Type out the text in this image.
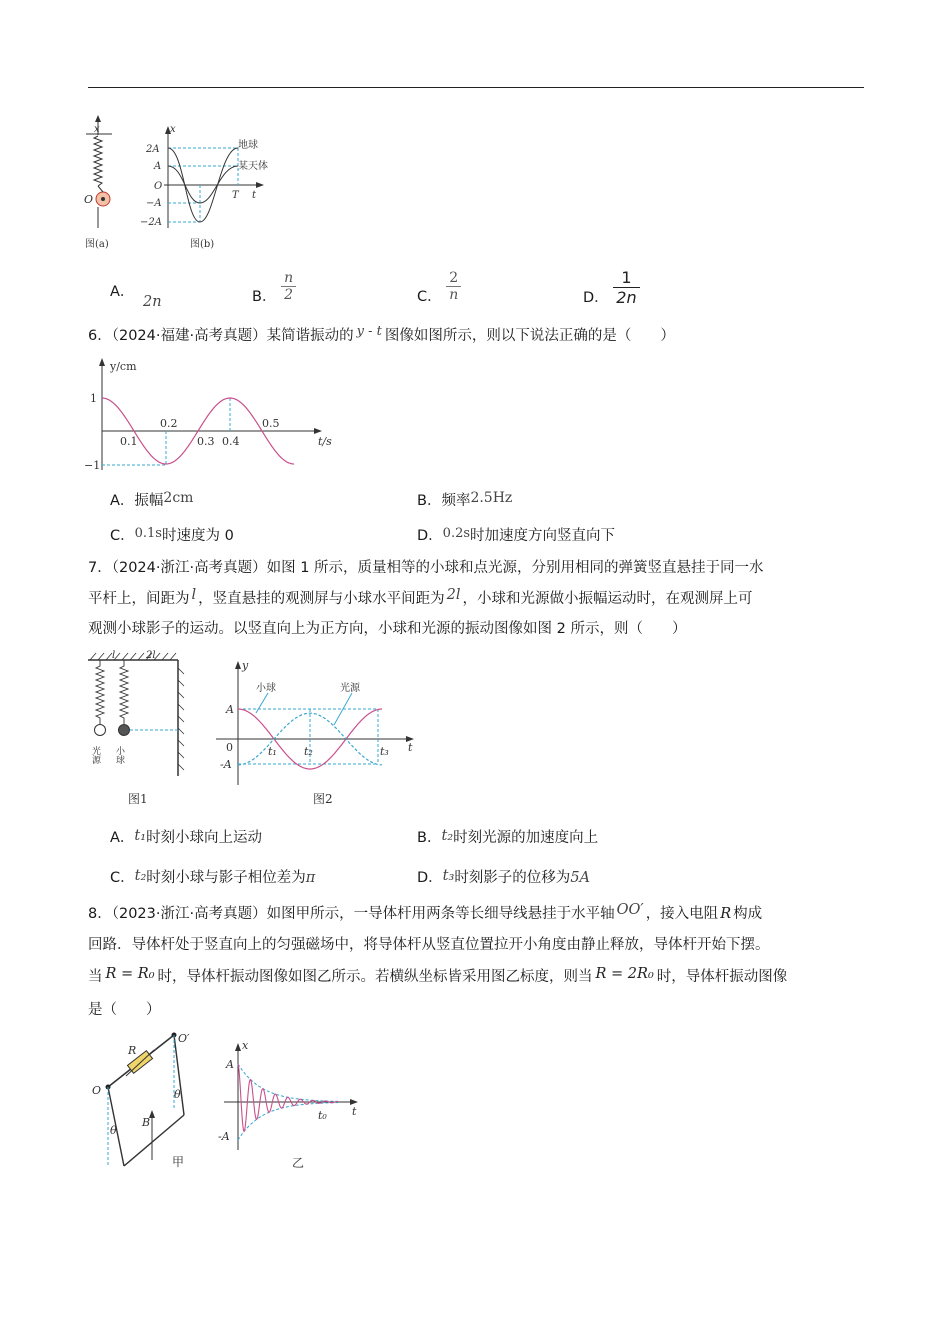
x
O
图(a)
x
2A
A
O
−A
−2A
T t
地球
某天体
图(b)
A． 2n	B． $\frac{n}{2}$	C． $\frac{2}{n}$	D． $\frac{1}{2n}$
6．（2024·福建·高考真题）某简谐振动的 y - t 图像如图所示，则以下说法正确的是（　　）
y/cm
1
−1
0.1
0.2
0.3 0.4
0.5
t/s
A．振幅2cm	B．频率2.5Hz
C．0.1s时速度为 0	D．0.2s时加速度方向竖直向下
7．（2024·浙江·高考真题）如图 1 所示，质量相等的小球和点光源，分别用相同的弹簧竖直悬挂于同一水
平杆上，间距为 l ，竖直悬挂的观测屏与小球水平间距为 2l ，小球和光源做小振幅运动时，在观测屏上可
观测小球影子的运动。以竖直向上为正方向，小球和光源的振动图像如图 2 所示，则（　　）
l	2l
光源 小球
图1
y
A
0
-A
t
t₁ t₂	t₃
小球	光源
图2
A．t₁时刻小球向上运动	B．t₂时刻光源的加速度向上
C．t₂时刻小球与影子相位差为π	D．t₃时刻影子的位移为5A
8．（2023·浙江·高考真题）如图甲所示，一导体杆用两条等长细导线悬挂于水平轴 OO′ ，接入电阻 R 构成
回路．导体杆处于竖直向上的匀强磁场中，将导体杆从竖直位置拉开小角度由静止释放，导体杆开始下摆。
当 R = R₀ 时，导体杆振动图像如图乙所示。若横纵坐标皆采用图乙标度，则当 R = 2R₀ 时，导体杆振动图像
是（　　）
R
O
O′
θ
θ
B
甲
x
A
-A
t₀ t
乙
